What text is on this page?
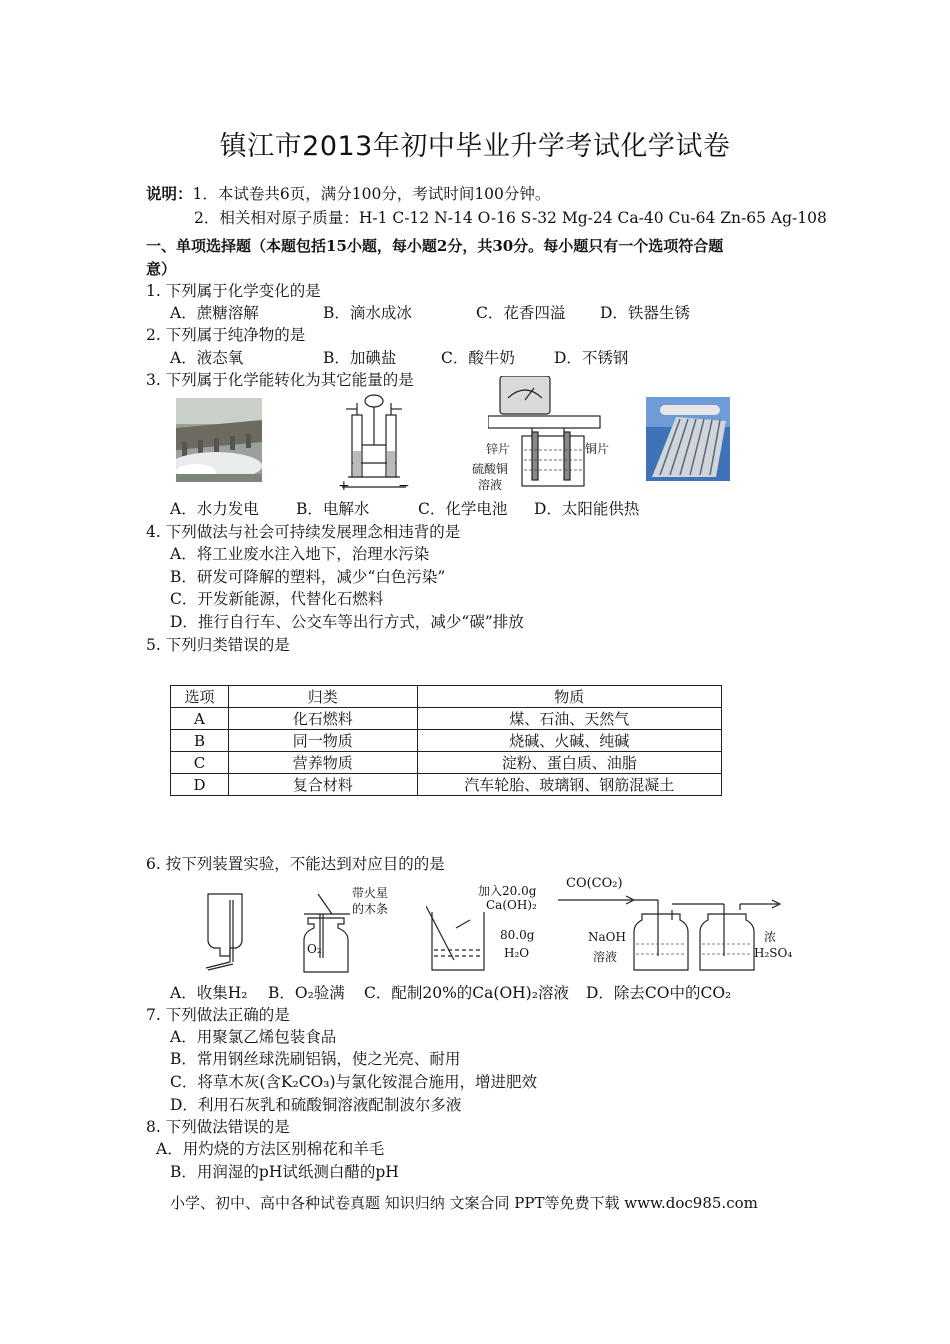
镇江市2013年初中毕业升学考试化学试卷
说明：1．本试卷共6页，满分100分，考试时间100分钟。
2．相关相对原子质量：H-1 C-12 N-14 O-16 S-32 Mg-24 Ca-40 Cu-64 Zn-65 Ag-108
一、单项选择题（本题包括15小题，每小题2分，共30分。每小题只有一个选项符合题
意）
1. 下列属于化学变化的是
A．蔗糖溶解	B．滴水成冰	C．花香四溢 D．铁器生锈
2. 下列属于纯净物的是
A．液态氧	B．加碘盐	C．酸牛奶	D．不锈钢
3. 下列属于化学能转化为其它能量的是
+	−
锌片	铜片
硫酸铜
溶液
A．水力发电 B．电解水	C．化学电池 D．太阳能供热
4. 下列做法与社会可持续发展理念相违背的是
A．将工业废水注入地下，治理水污染
B．研发可降解的塑料，减少“白色污染”
C．开发新能源，代替化石燃料
D．推行自行车、公交车等出行方式，减少“碳”排放
5. 下列归类错误的是
选项	归类	物质
A	化石燃料	煤、石油、天然气
B	同一物质	烧碱、火碱、纯碱
C	营养物质	淀粉、蛋白质、油脂
D	复合材料	汽车轮胎、玻璃钢、钢筋混凝土
6. 按下列装置实验，不能达到对应目的的是
带火星
的木条
O₂
加入20.0g
Ca(OH)₂
80.0g
H₂O
CO(CO₂)
NaOH
溶液
浓
H₂SO₄
A．收集H₂ B．O₂验满 C．配制20%的Ca(OH)₂溶液 D．除去CO中的CO₂
7. 下列做法正确的是
A．用聚氯乙烯包装食品
B．常用钢丝球洗刷铝锅，使之光亮、耐用
C．将草木灰(含K₂CO₃)与氯化铵混合施用，增进肥效
D．利用石灰乳和硫酸铜溶液配制波尔多液
8. 下列做法错误的是
A．用灼烧的方法区别棉花和羊毛
B．用润湿的pH试纸测白醋的pH
小学、初中、高中各种试卷真题 知识归纳 文案合同 PPT等免费下载 www.doc985.com
